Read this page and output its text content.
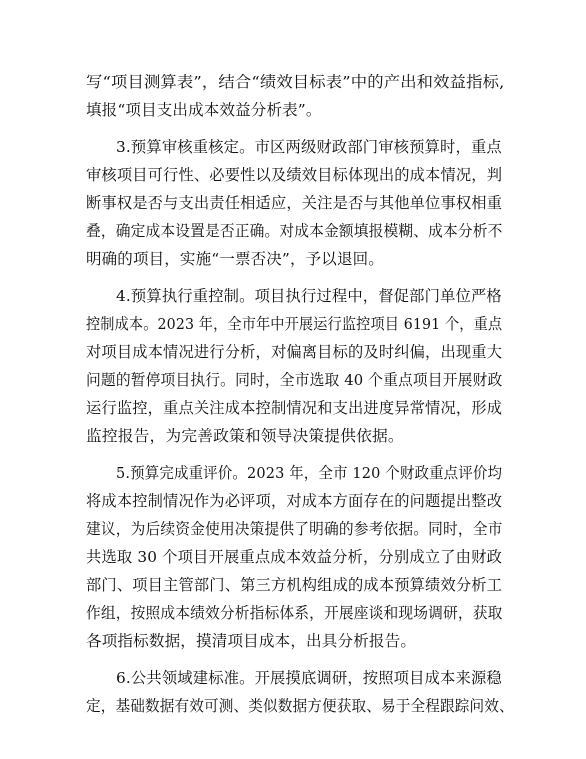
写“项目测算表”，结合“绩效目标表”中的产出和效益指标,
填报“项目支出成本效益分析表”。
3.预算审核重核定。市区两级财政部门审核预算时，重点
审核项目可行性、必要性以及绩效目标体现出的成本情况，判
断事权是否与支出责任相适应，关注是否与其他单位事权相重
叠，确定成本设置是否正确。对成本金额填报模糊、成本分析不
明确的项目，实施“一票否决”，予以退回。
4.预算执行重控制。项目执行过程中，督促部门单位严格
控制成本。2023 年，全市年中开展运行监控项目 6191 个，重点
对项目成本情况进行分析，对偏离目标的及时纠偏，出现重大
问题的暂停项目执行。同时，全市选取 40 个重点项目开展财政
运行监控，重点关注成本控制情况和支出进度异常情况，形成
监控报告，为完善政策和领导决策提供依据。
5.预算完成重评价。2023 年，全市 120 个财政重点评价均
将成本控制情况作为必评项，对成本方面存在的问题提出整改
建议，为后续资金使用决策提供了明确的参考依据。同时，全市
共选取 30 个项目开展重点成本效益分析，分别成立了由财政
部门、项目主管部门、第三方机构组成的成本预算绩效分析工
作组，按照成本绩效分析指标体系，开展座谈和现场调研，获取
各项指标数据，摸清项目成本，出具分析报告。
6.公共领域建标准。开展摸底调研，按照项目成本来源稳
定，基础数据有效可测、类似数据方便获取、易于全程跟踪问效、
